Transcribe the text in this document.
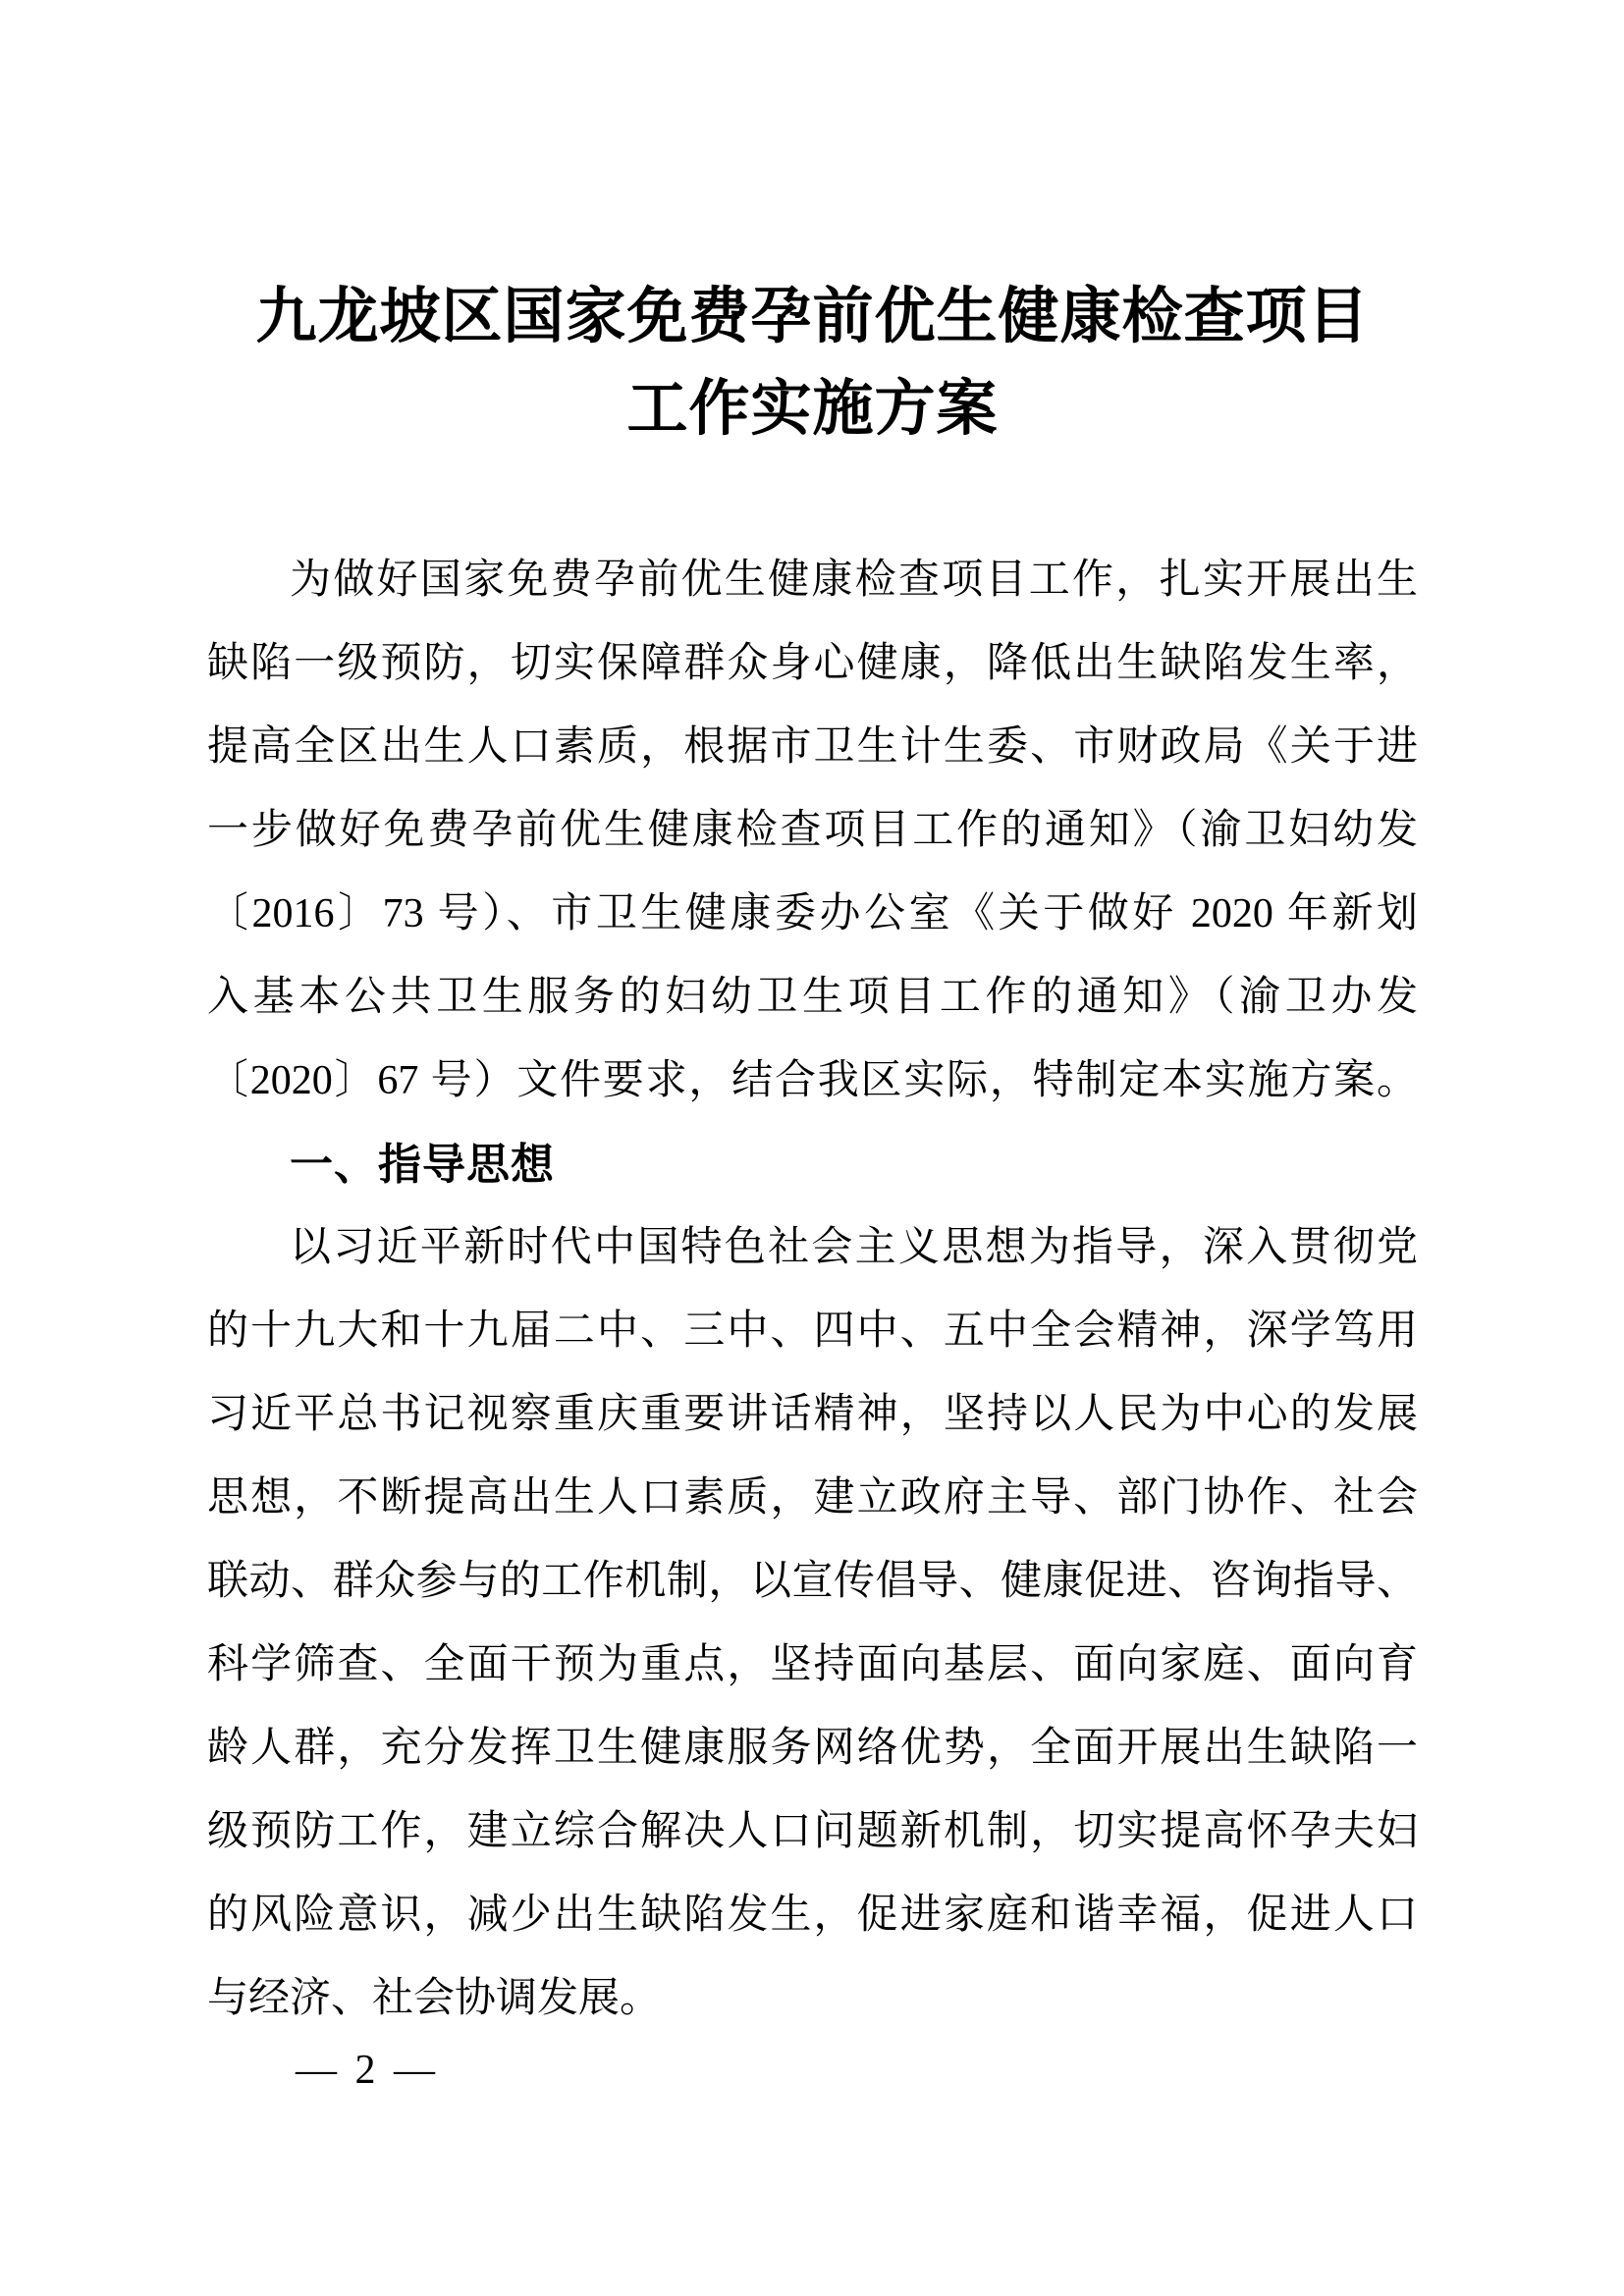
九龙坡区国家免费孕前优生健康检查项目
工作实施方案
为做好国家免费孕前优生健康检查项目工作，扎实开展出生
缺陷一级预防，切实保障群众身心健康，降低出生缺陷发生率，
提高全区出生人口素质，根据市卫生计生委、市财政局《关于进
一步做好免费孕前优生健康检查项目工作的通知》（渝卫妇幼发
〔2016〕73 号）、市卫生健康委办公室《关于做好 2020 年新划
入基本公共卫生服务的妇幼卫生项目工作的通知》（渝卫办发
〔2020〕67 号）文件要求，结合我区实际，特制定本实施方案。
一、指导思想
以习近平新时代中国特色社会主义思想为指导，深入贯彻党
的十九大和十九届二中、三中、四中、五中全会精神，深学笃用
习近平总书记视察重庆重要讲话精神，坚持以人民为中心的发展
思想，不断提高出生人口素质，建立政府主导、部门协作、社会
联动、群众参与的工作机制，以宣传倡导、健康促进、咨询指导、
科学筛查、全面干预为重点，坚持面向基层、面向家庭、面向育
龄人群，充分发挥卫生健康服务网络优势，全面开展出生缺陷一
级预防工作，建立综合解决人口问题新机制，切实提高怀孕夫妇
的风险意识，减少出生缺陷发生，促进家庭和谐幸福，促进人口
与经济、社会协调发展。
— 2 —
